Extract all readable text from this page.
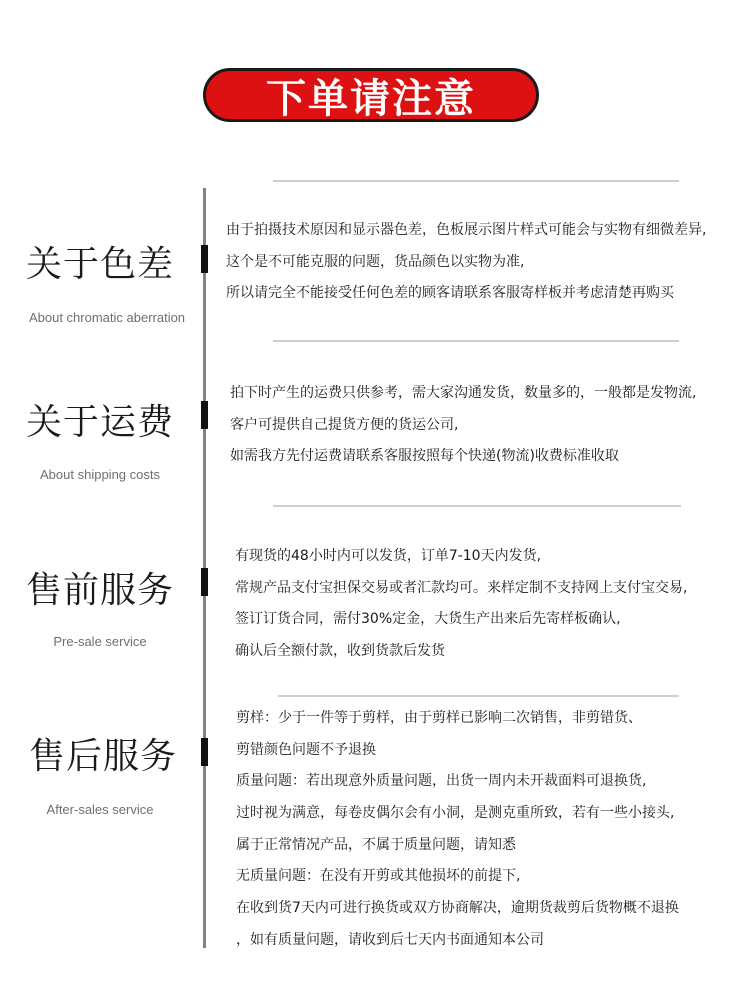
下单请注意
关于色差
About chromatic aberration
由于拍摄技术原因和显示器色差，色板展示图片样式可能会与实物有细微差异,
这个是不可能克服的问题，货品颜色以实物为准,
所以请完全不能接受任何色差的顾客请联系客服寄样板并考虑清楚再购买
关于运费
About shipping costs
拍下时产生的运费只供参考，需大家沟通发货，数量多的，一般都是发物流,
客户可提供自己提货方便的货运公司,
如需我方先付运费请联系客服按照每个快递(物流)收费标准收取
售前服务
Pre-sale service
有现货的48小时内可以发货，订单7-10天内发货,
常规产品支付宝担保交易或者汇款均可。来样定制不支持网上支付宝交易,
签订订货合同，需付30%定金，大货生产出来后先寄样板确认,
确认后全额付款，收到货款后发货
售后服务
After-sales service
剪样：少于一件等于剪样，由于剪样已影响二次销售，非剪错货、
剪错颜色问题不予退换
质量问题：若出现意外质量问题，出货一周内未开裁面料可退换货,
过时视为满意，每卷皮偶尔会有小洞，是测克重所致，若有一些小接头,
属于正常情况产品，不属于质量问题，请知悉
无质量问题：在没有开剪或其他损坏的前提下,
在收到货7天内可进行换货或双方协商解决，逾期货裁剪后货物概不退换
，如有质量问题，请收到后七天内书面通知本公司
